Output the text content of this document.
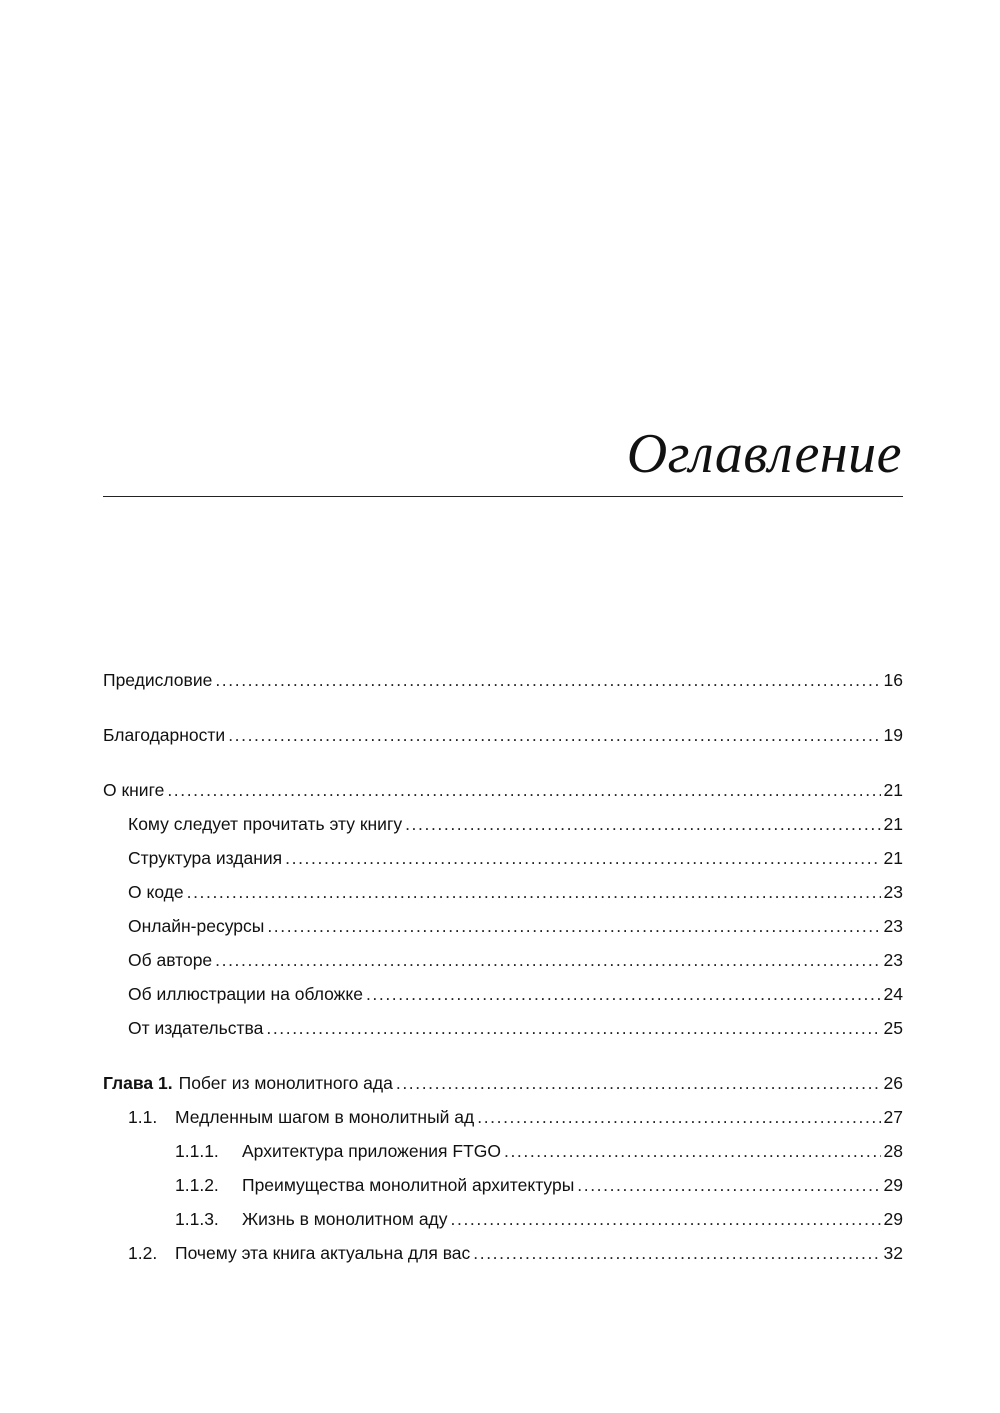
Оглавление
Предисловие .....	16
Благодарности .....	19
О книге .....	21
Кому следует прочитать эту книгу .....	21
Структура издания .....	21
О коде .....	23
Онлайн-ресурсы .....	23
Об авторе .....	23
Об иллюстрации на обложке .....	24
От издательства .....	25
Глава 1. Побег из монолитного ада .....	26
1.1.	Медленным шагом в монолитный ад .....	27
1.1.1.	Архитектура приложения FTGO .....	28
1.1.2.	Преимущества монолитной архитектуры .....	29
1.1.3.	Жизнь в монолитном аду .....	29
1.2.	Почему эта книга актуальна для вас .....	32
